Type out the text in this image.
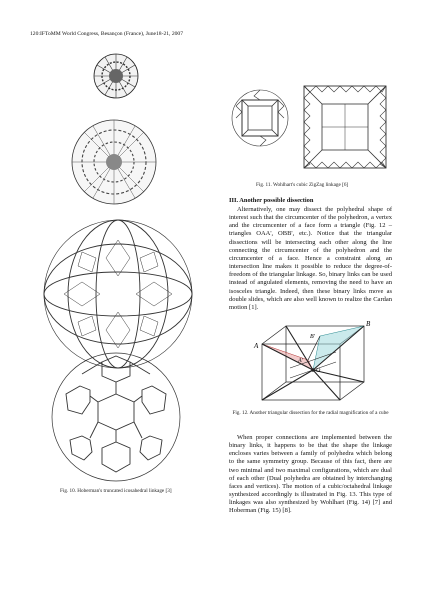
120:IFToMM World Congress, Besançon (France), June18-21, 2007
Fig. 10. Hoberman's truncated icosahedral linkage [3]
Fig. 11. Wohlhart's cubic ZigZag linkage [6]
III. Another possible dissection

Alternatively, one may dissect the polyhedral shape of interest such that the circumcenter of the polyhedron, a vertex and the circumcenter of a face form a triangle (Fig. 12 – triangles OAA', OBB', etc.). Notice that the triangular dissections will be intersecting each other along the line connecting the circumcenter of the polyhedron and the circumcenter of a face. Hence a constraint along an intersection line makes it possible to reduce the degree-of-freedom of the triangular linkage. So, binary links can be used instead of angulated elements, removing the need to have an isosceles triangle. Indeed, then these binary links move as double slides, which are also well known to realize the Cardan motion [1].

A
A'
B
B'
O
Fig. 12. Another triangular dissection for the radial magnification of a cube

When proper connections are implemented between the binary links, it happens to be that the shape the linkage encloses varies between a family of polyhedra which belong to the same symmetry group. Because of this fact, there are two minimal and two maximal configurations, which are dual of each other (Dual polyhedra are obtained by interchanging faces and vertices). The motion of a cubic/octahedral linkage synthesized accordingly is illustrated in Fig. 13. This type of linkages was also synthesized by Wohlhart (Fig. 14) [7] and Hoberman (Fig. 15) [8].
